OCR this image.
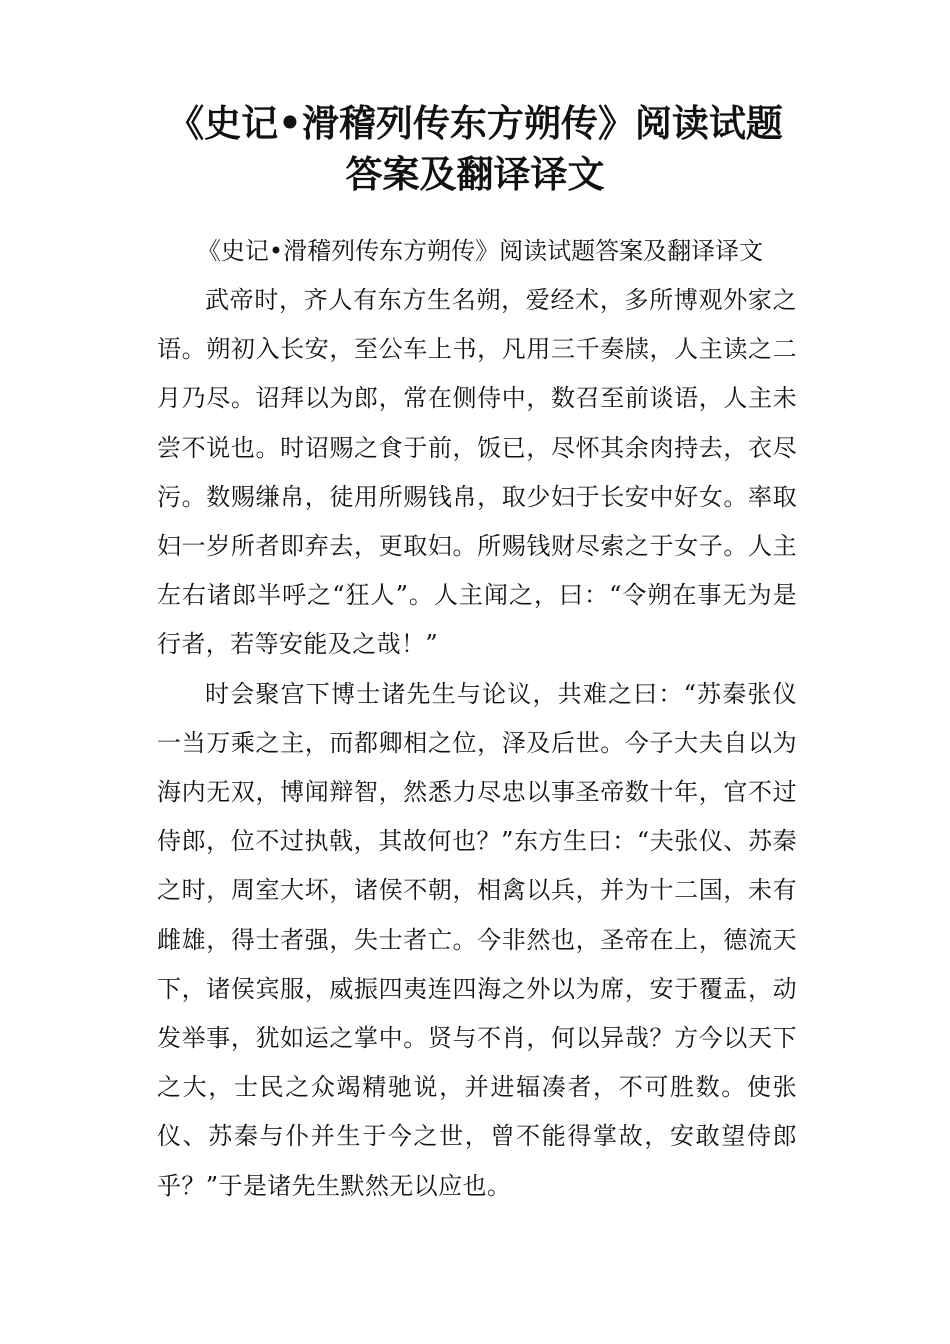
《史记•滑稽列传东方朔传》阅读试题
答案及翻译译文
《史记•滑稽列传东方朔传》阅读试题答案及翻译译文

武帝时，齐人有东方生名朔，爱经术，多所博观外家之语。朔初入长安，至公车上书，凡用三千奏牍，人主读之二月乃尽。诏拜以为郎，常在侧侍中，数召至前谈语，人主未尝不说也。时诏赐之食于前，饭已，尽怀其余肉持去，衣尽污。数赐缣帛，徒用所赐钱帛，取少妇于长安中好女。率取妇一岁所者即弃去，更取妇。所赐钱财尽索之于女子。人主左右诸郎半呼之“狂人”。人主闻之，曰：“令朔在事无为是行者，若等安能及之哉！”

时会聚宫下博士诸先生与论议，共难之曰：“苏秦张仪一当万乘之主，而都卿相之位，泽及后世。今子大夫自以为海内无双，博闻辩智，然悉力尽忠以事圣帝数十年，官不过侍郎，位不过执戟，其故何也？”东方生曰：“夫张仪、苏秦之时，周室大坏，诸侯不朝，相禽以兵，并为十二国，未有雌雄，得士者强，失士者亡。今非然也，圣帝在上，德流天下，诸侯宾服，威振四夷连四海之外以为席，安于覆盂，动发举事，犹如运之掌中。贤与不肖，何以异哉？方今以天下之大，士民之众竭精驰说，并进辐凑者，不可胜数。使张仪、苏秦与仆并生于今之世，曾不能得掌故，安敢望侍郎乎？”于是诸先生默然无以应也。
